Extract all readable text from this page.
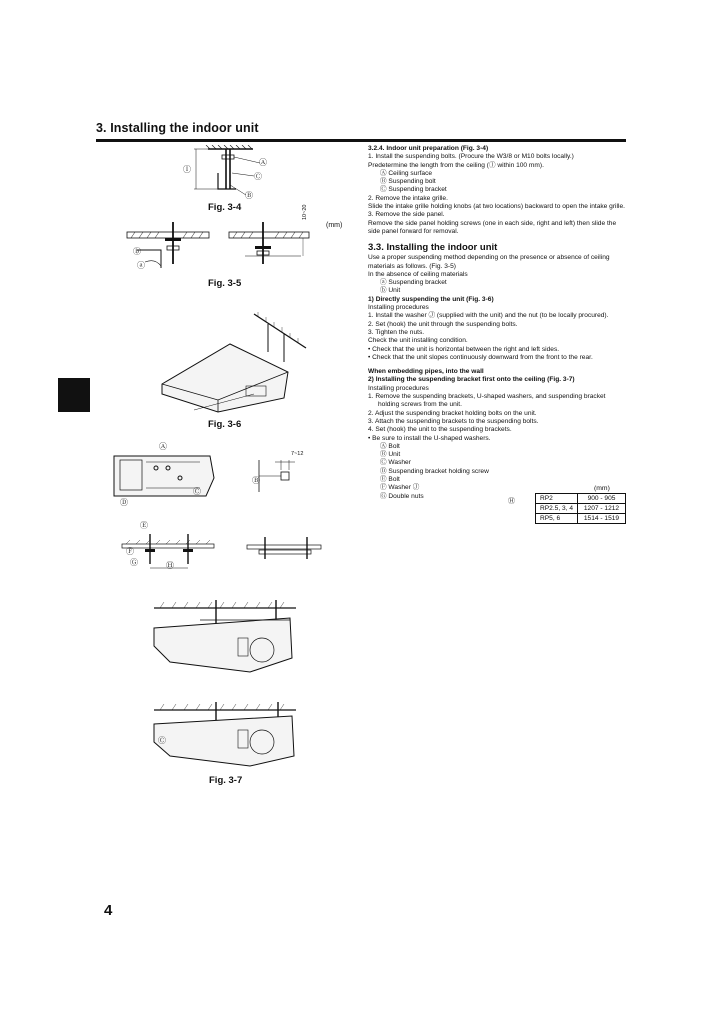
3. Installing the indoor unit
4
Ⓘ
Ⓐ
Ⓒ
Ⓑ
Fig. 3-4	10~20
(mm)
ⓑ
ⓐ
Fig. 3-5
Fig. 3-6
Ⓐ
Ⓒ
Ⓓ
7~12
Ⓑ
Ⓔ
Ⓕ
Ⓖ	Ⓗ
Ⓒ
Fig. 3-7

3.2.4. Indoor unit preparation (Fig. 3-4)

1. Install the suspending bolts. (Procure the W3/8 or M10 bolts locally.)

Predetermine the length from the ceiling (Ⓘ within 100 mm).

Ⓐ Ceiling surface

Ⓑ Suspending bolt

Ⓒ Suspending bracket

2. Remove the intake grille.

Slide the intake grille holding knobs (at two locations) backward to open the intake grille.

3. Remove the side panel.

Remove the side panel holding screws (one in each side, right and left) then slide the side panel forward for removal.

3.3. Installing the indoor unit

Use a proper suspending method depending on the presence or absence of ceiling materials as follows. (Fig. 3-5)

In the absence of ceiling materials

ⓐ Suspending bracket

ⓑ Unit

1) Directly suspending the unit (Fig. 3-6)

Installing procedures

1. Install the washer Ⓙ (supplied with the unit) and the nut (to be locally procured).

2. Set (hook) the unit through the suspending bolts.

3. Tighten the nuts.

Check the unit installing condition.

• Check that the unit is horizontal between the right and left sides.

• Check that the unit slopes continuously downward from the front to the rear.

When embedding pipes, into the wall

2) Installing the suspending bracket first onto the ceiling (Fig. 3-7)

Installing procedures

1. Remove the suspending brackets, U-shaped washers, and suspending bracket

holding screws from the unit.

2. Adjust the suspending bracket holding bolts on the unit.

3. Attach the suspending brackets to the suspending bolts.

4. Set (hook) the unit to the suspending brackets.

• Be sure to install the U-shaped washers.

Ⓐ Bolt

Ⓑ Unit

Ⓒ Washer

Ⓓ Suspending bracket holding screw

Ⓔ Bolt

Ⓕ Washer Ⓙ

Ⓖ Double nuts

(mm)
Ⓗ	RP2	900 - 905
RP2.5, 3, 4	1207 - 1212
RP5, 6	1514 - 1519
